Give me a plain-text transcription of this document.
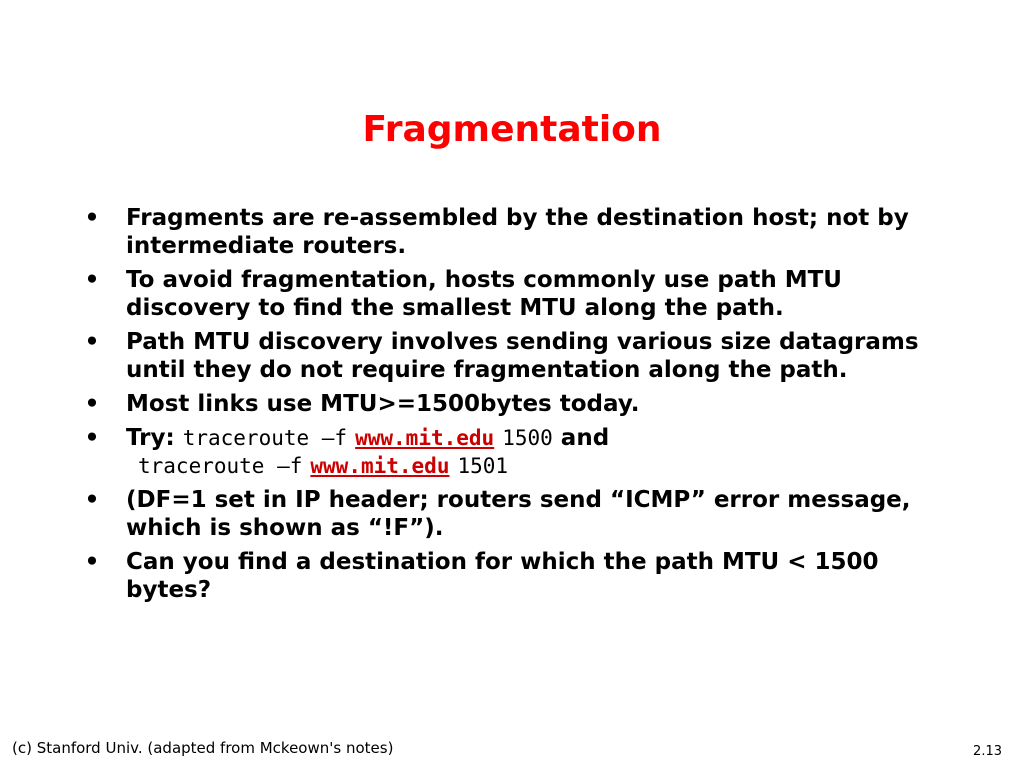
Fragmentation
• Fragments are re-assembled by the destination host; not by intermediate routers.
• To avoid fragmentation, hosts commonly use path MTU discovery to find the smallest MTU along the path.
• Path MTU discovery involves sending various size datagrams until they do not require fragmentation along the path.
• Most links use MTU>=1500bytes today.
• Try: traceroute –f www.mit.edu 1500 and
traceroute –f www.mit.edu 1501
• (DF=1 set in IP header; routers send “ICMP” error message, which is shown as “!F”).
• Can you find a destination for which the path MTU < 1500 bytes?
(c) Stanford Univ. (adapted from Mckeown's notes)	2.13
